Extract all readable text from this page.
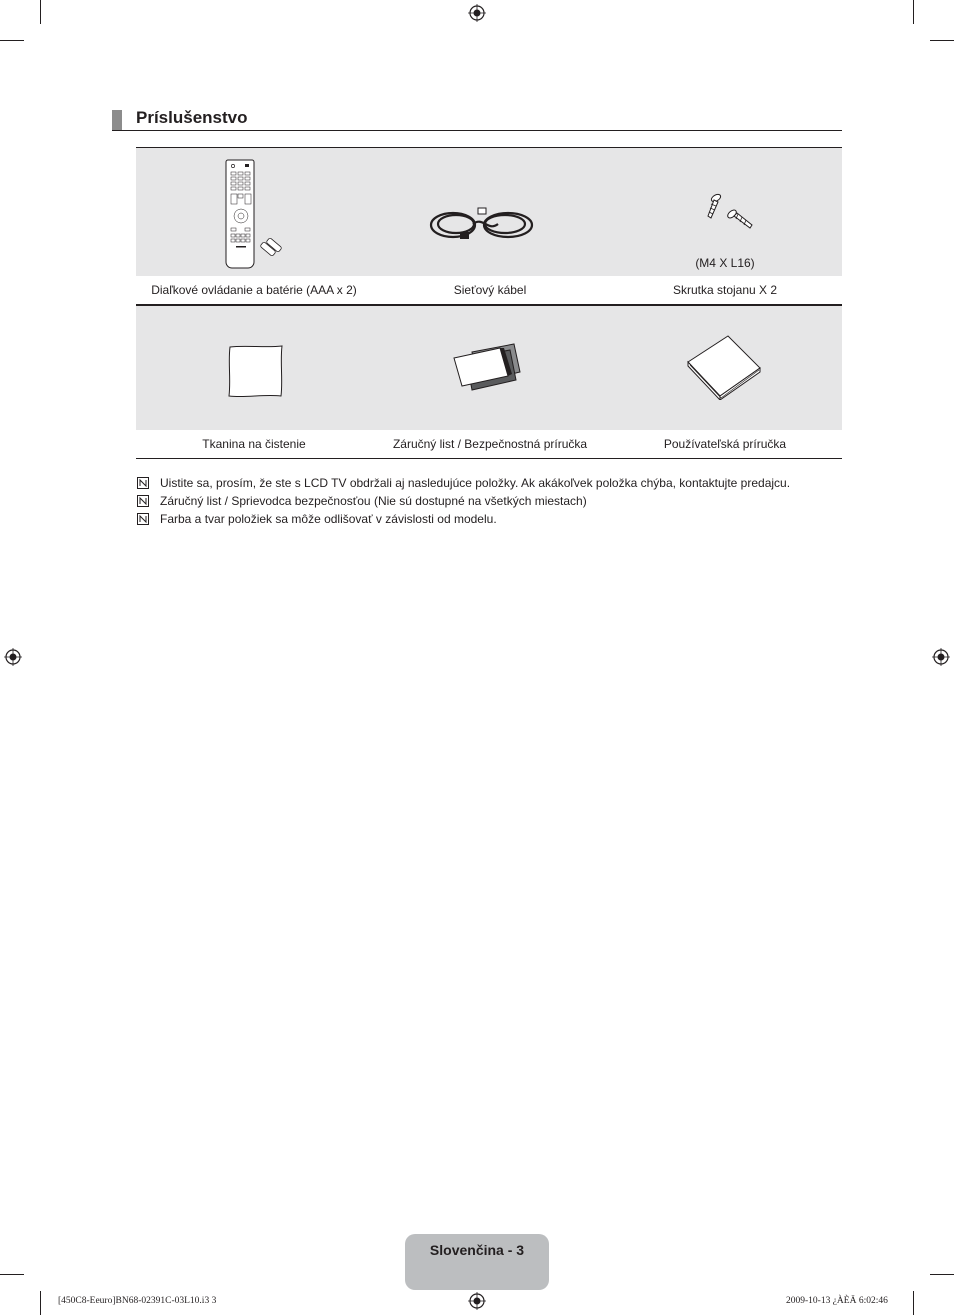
Príslušenstvo
(M4 X L16)
Diaľkové ovládanie a batérie (AAA x 2)	Sieťový kábel	Skrutka stojanu X 2
Tkanina na čistenie	Záručný list / Bezpečnostná príručka	Používateľská príručka
Uistite sa, prosím, že ste s LCD TV obdržali aj nasledujúce položky. Ak akákoľvek položka chýba, kontaktujte predajcu.
Záručný list / Sprievodca bezpečnosťou (Nie sú dostupné na všetkých miestach)
Farba a tvar položiek sa môže odlišovať v závislosti od modelu.
Slovenčina - 3
[450C8-Eeuro]BN68-02391C-03L10.i3 3	2009-10-13 ¿ÀÈÄ 6:02:46
